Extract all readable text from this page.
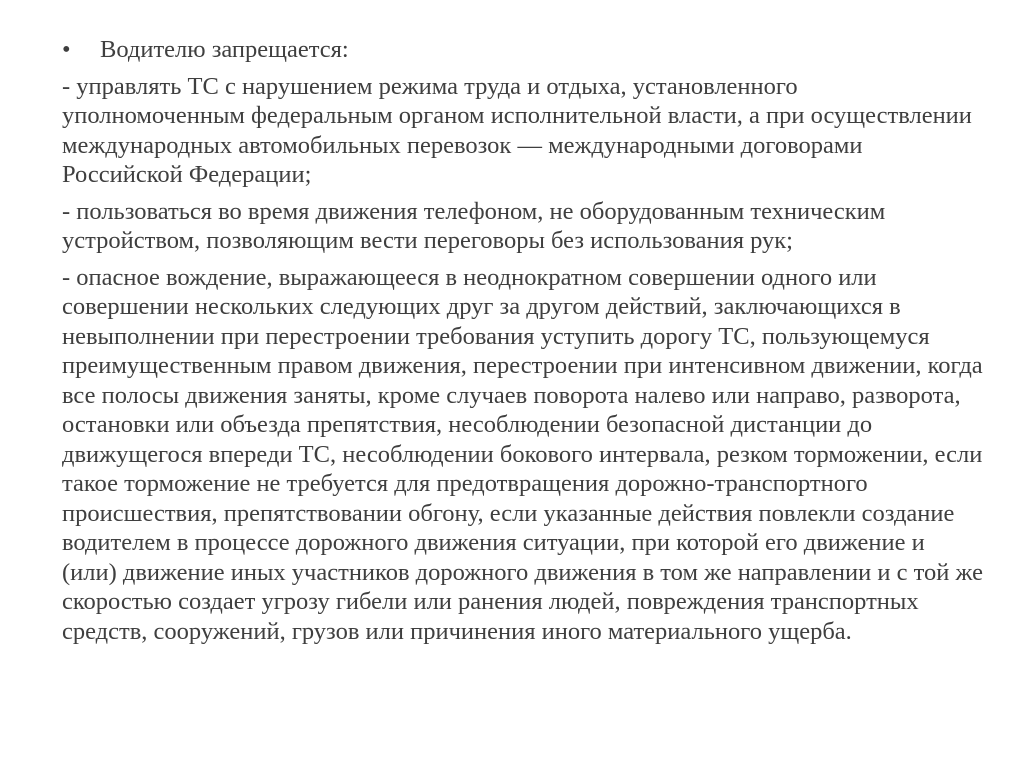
• Водителю запрещается:
- управлять ТС с нарушением режима труда и отдыха, установленного уполномоченным федеральным органом исполнительной власти, а при осуществлении международных автомобильных перевозок — международными договорами Российской Федерации;
- пользоваться во время движения телефоном, не оборудованным техническим устройством, позволяющим вести переговоры без использования рук;
- опасное вождение, выражающееся в неоднократном совершении одного или совершении нескольких следующих друг за другом действий, заключающихся в невыполнении при перестроении требования уступить дорогу ТС, пользующемуся преимущественным правом движения, перестроении при интенсивном движении, когда все полосы движения заняты, кроме случаев поворота налево или направо, разворота, остановки или объезда препятствия, несоблюдении безопасной дистанции до движущегося впереди ТС, несоблюдении бокового интервала, резком торможении, если такое торможение не требуется для предотвращения дорожно-транспортного происшествия, препятствовании обгону, если указанные действия повлекли создание водителем в процессе дорожного движения ситуации, при которой его движение и (или) движение иных участников дорожного движения в том же направлении и с той же скоростью создает угрозу гибели или ранения людей, повреждения транспортных средств, сооружений, грузов или причинения иного материального ущерба.
